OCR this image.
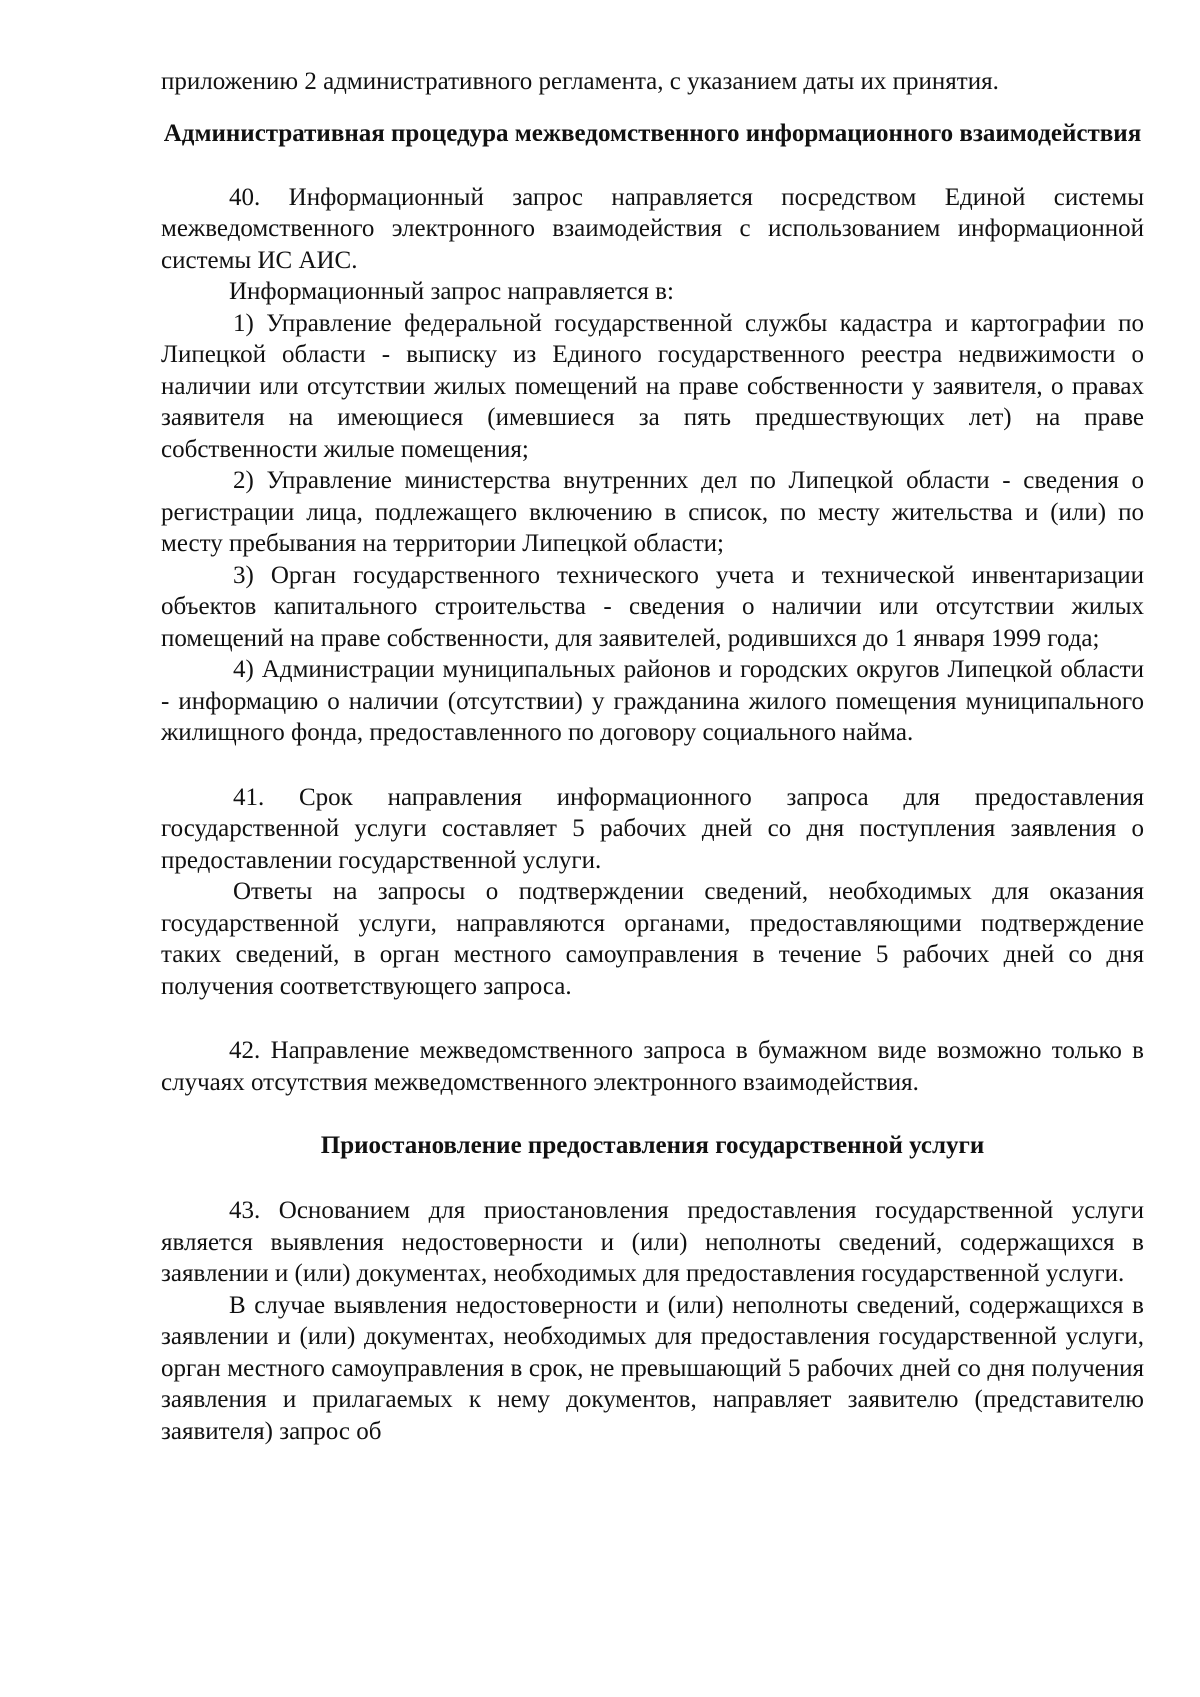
приложению 2 административного регламента, с указанием даты их принятия.

Административная процедура межведомственного информационного взаимодействия

40. Информационный запрос направляется посредством Единой системы межведомственного электронного взаимодействия с использованием информационной системы ИС АИС.

Информационный запрос направляется в:

1) Управление федеральной государственной службы кадастра и картографии по Липецкой области - выписку из Единого государственного реестра недвижимости о наличии или отсутствии жилых помещений на праве собственности у заявителя, о правах заявителя на имеющиеся (имевшиеся за пять предшествующих лет) на праве собственности жилые помещения;

2) Управление министерства внутренних дел по Липецкой области - сведения о регистрации лица, подлежащего включению в список, по месту жительства и (или) по месту пребывания на территории Липецкой области;

3) Орган государственного технического учета и технической инвентаризации объектов капитального строительства - сведения о наличии или отсутствии жилых помещений на праве собственности, для заявителей, родившихся до 1 января 1999 года;

4) Администрации муниципальных районов и городских округов Липецкой области - информацию о наличии (отсутствии) у гражданина жилого помещения муниципального жилищного фонда, предоставленного по договору социального найма.

41. Срок направления информационного запроса для предоставления государственной услуги составляет 5 рабочих дней со дня поступления заявления о предоставлении государственной услуги.

Ответы на запросы о подтверждении сведений, необходимых для оказания государственной услуги, направляются органами, предоставляющими подтверждение таких сведений, в орган местного самоуправления в течение 5 рабочих дней со дня получения соответствующего запроса.

42. Направление межведомственного запроса в бумажном виде возможно только в случаях отсутствия межведомственного электронного взаимодействия.

Приостановление предоставления государственной услуги

43. Основанием для приостановления предоставления государственной услуги является выявления недостоверности и (или) неполноты сведений, содержащихся в заявлении и (или) документах, необходимых для предоставления государственной услуги.

В случае выявления недостоверности и (или) неполноты сведений, содержащихся в заявлении и (или) документах, необходимых для предоставления государственной услуги, орган местного самоуправления в срок, не превышающий 5 рабочих дней со дня получения заявления и прилагаемых к нему документов, направляет заявителю (представителю заявителя) запрос об
